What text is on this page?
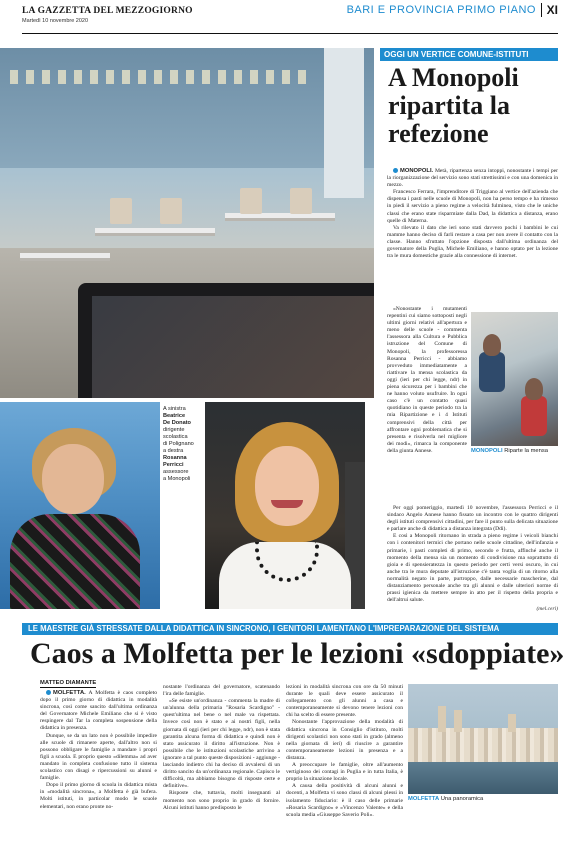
LA GAZZETTA DEL MEZZOGIORNO
Martedì 10 novembre 2020
BARI E PROVINCIA PRIMO PIANO XI
OGGI UN VERTICE COMUNE-ISTITUTI
A Monopoli ripartita la refezione

MONOPOLI. Metà, ripartenza senza intoppi, nonostante i tempi per la riorganizzazione del servizio sono stati strettissimi e con una domenica in mezzo.

Francesco Ferrara, l'imprenditore di Triggiano al vertice dell'azienda che dispensa i pasti nelle scuole di Monopoli, non ha perso tempo e ha rimesso in piedi il servizio a pieno regime a velocità fulminea, visto che le uniche classi che erano state risparmiate dalla Dad, la didattica a distanza, erano quelle di Materna.

Va rilevato il dato che ieri sono stati davvero pochi i bambini le cui mamme hanno deciso di farli restare a casa per non avere il contatto con la classe. Hanno sfruttato l'opzione disposta dall'ultima ordinanza del governatore della Puglia, Michele Emiliano, e hanno optato per la lezione tra le mura domestiche grazie alla connessione di internet.

«Nonostante i mutamenti repentini cui siamo sottoposti negli ultimi giorni relativi all'apertura e meno delle scuole - commenta l'assessora alla Cultura e Pubblica istruzione del Comune di Monopoli, la professoressa Rosanna Perricci - abbiamo provveduto immediatamente a riattivare la mensa scolastica da oggi (ieri per chi legge, ndr) in piena sicurezza per i bambini che ne hanno voluto usufruire. In ogni caso c'è un contatto quasi quotidiano in queste periodo tra la mia Ripartizione e i 4 Istituti comprensivi della città per affrontare ogni problematica che si presenta e risolverla nel migliore dei modi», rimarca la componente della giunta Annese.	MONOPOLI Riparte la mensa

Per oggi pomeriggio, martedì 10 novembre, l'assessora Perricci e il sindaco Angelo Annese hanno fissato un incontro con le quattro dirigenti degli istituti comprensivi cittadini, per fare il punto sulla delicata situazione e parlare anche di didattica a distanza integrata (Ddi).

E così a Monopoli ritornano in strada a pieno regime i veicoli bianchi con i contenitori termici che portano nelle scuole cittadine, dell'infanzia e primarie, i pasti completi di primo, secondo e frutta, affinché anche il momento della mensa sia un momento di condivisione ma soprattutto di gioia e di spensieratezza in questo periodo per certi versi oscuro, in cui anche tra le mura deputate all'istruzione c'è tanta voglia di un ritorno alla normalità negato in parte, purtroppo, dalle necessarie mascherine, dal distanziamento personale anche tra gli alunni e dalle ulteriori norme di prassi igienica da mettere sempre in atto per il rispetto della propria e dell'altrui salute.

(mel.ceri)
A sinistra
Beatrice
De Donato
dirigente
scolastica
di Polignano
a destra
Rosanna
Perricci
assessore
a Monopoli
LE MAESTRE GIÀ STRESSATE DALLA DIDATTICA IN SINCRONO, I GENITORI LAMENTANO L'IMPREPARAZIONE DEL SISTEMA
Caos a Molfetta per le lezioni «sdoppiate»
MATTEO DIAMANTE

MOLFETTA. A Molfetta è caos completo dopo il primo giorno di didattica in modalità sincrona, così come sancito dall'ultima ordinanza del Governatore Michele Emiliano che si è visto respingere dal Tar la completa sospensione della didattica in presenza.

Dunque, se da un lato non è possibile impedire alle scuole di rimanere aperte, dall'altro non si possono obbligare le famiglie a mandare i propri figli a scuola. E proprio questo «dilemma» ad aver mandato in completa confusione tutto il sistema scolastico con disagi e ripercussioni su alunni e famiglie.

Dopo il primo giorno di scuola in didattica mista in «modalità sincrona», a Molfetta è già bufera. Molti istituti, in particolar modo le scuole elementari, non erano pronte no-

nostante l'ordinanza del governatore, scatenando l'ira delle famiglie.

«Se esiste un'ordinanza - commenta la madre di un'alunna della primaria "Rosaria Scardigno" - quest'ultima nel bene o nel male va rispettata. Invece così non è stato e ai nostri figli, nella giornata di oggi (ieri per chi legge, ndr), non è stata garantita alcuna forma di didattica e quindi non è stato assicurato il diritto all'istruzione. Non è possibile che le istituzioni scolastiche arrivino a ignorare a tal punto queste disposizioni - aggiunge - lasciando indietro chi ha deciso di avvalersi di un diritto sancito da un'ordinanza regionale. Capisco le difficoltà, ma abbiamo bisogno di risposte certe e definitive».

Risposte che, tuttavia, molti insegnanti al momento non sono proprio in grado di fornire. Alcuni istituti hanno predisposto le

lezioni in modalità sincrona con ore da 50 minuti durante le quali deve essere assicurato il collegamento con gli alunni a casa e contemporaneamente si devono tenere lezioni con chi ha scelto di essere presente.

Nonostante l'approvazione della modalità di didattica sincrona in Consiglio d'istituto, molti dirigenti scolastici non sono stati in grado (almeno nella giornata di ieri) di riuscire a garantire contemporaneamente lezioni in presenza e a distanza.

A preoccupare le famiglie, oltre all'aumento vertiginoso dei contagi in Puglia e in tutta Italia, è proprio la situazione locale.

A causa della positività di alcuni alunni e docenti, a Molfetta vi sono classi di alcuni plessi in isolamento fiduciario: è il caso delle primarie «Rosaria Scardigno» e «Vincenzo Valente» e della scuola media «Giuseppe Saverio Poli».

MOLFETTA Una panoramica
